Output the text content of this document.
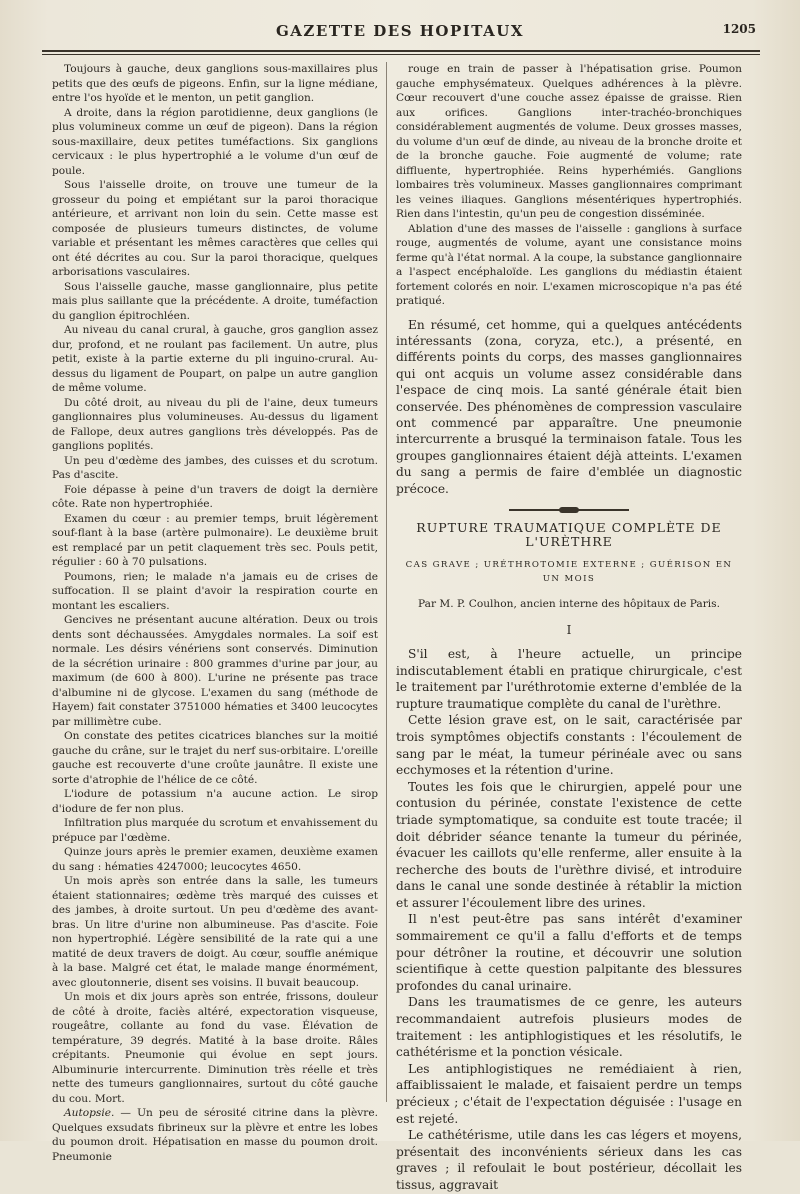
GAZETTE DES HOPITAUX	1205

Toujours à gauche, deux ganglions sous-maxillaires plus petits que des œufs de pigeons. Enfin, sur la ligne médiane, entre l'os hyoïde et le menton, un petit ganglion.

A droite, dans la région parotidienne, deux ganglions (le plus volumineux comme un œuf de pigeon). Dans la région sous-maxillaire, deux petites tuméfactions. Six ganglions cervicaux : le plus hypertrophié a le volume d'un œuf de poule.

Sous l'aisselle droite, on trouve une tumeur de la grosseur du poing et empiétant sur la paroi thoracique antérieure, et arrivant non loin du sein. Cette masse est composée de plusieurs tumeurs distinctes, de volume variable et présentant les mêmes caractères que celles qui ont été décrites au cou. Sur la paroi thoracique, quelques arborisations vasculaires.

Sous l'aisselle gauche, masse ganglionnaire, plus petite mais plus saillante que la précédente. A droite, tuméfaction du ganglion épitrochléen.

Au niveau du canal crural, à gauche, gros ganglion assez dur, profond, et ne roulant pas facilement. Un autre, plus petit, existe à la partie externe du pli inguino-crural. Au-dessus du ligament de Poupart, on palpe un autre ganglion de même volume.

Du côté droit, au niveau du pli de l'aine, deux tumeurs ganglionnaires plus volumineuses. Au-dessus du ligament de Fallope, deux autres ganglions très développés. Pas de ganglions poplités.

Un peu d'œdème des jambes, des cuisses et du scrotum. Pas d'ascite.

Foie dépasse à peine d'un travers de doigt la dernière côte. Rate non hypertrophiée.

Examen du cœur : au premier temps, bruit légèrement souf-flant à la base (artère pulmonaire). Le deuxième bruit est remplacé par un petit claquement très sec. Pouls petit, régulier : 60 à 70 pulsations.

Poumons, rien; le malade n'a jamais eu de crises de suffocation. Il se plaint d'avoir la respiration courte en montant les escaliers.

Gencives ne présentant aucune altération. Deux ou trois dents sont déchaussées. Amygdales normales. La soif est normale. Les désirs vénériens sont conservés. Diminution de la sécrétion urinaire : 800 grammes d'urine par jour, au maximum (de 600 à 800). L'urine ne présente pas trace d'albumine ni de glycose. L'examen du sang (méthode de Hayem) fait constater 3751000 hématies et 3400 leucocytes par millimètre cube.

On constate des petites cicatrices blanches sur la moitié gauche du crâne, sur le trajet du nerf sus-orbitaire. L'oreille gauche est recouverte d'une croûte jaunâtre. Il existe une sorte d'atrophie de l'hélice de ce côté.

L'iodure de potassium n'a aucune action. Le sirop d'iodure de fer non plus.

Infiltration plus marquée du scrotum et envahissement du prépuce par l'œdème.

Quinze jours après le premier examen, deuxième examen du sang : hématies 4247000; leucocytes 4650.

Un mois après son entrée dans la salle, les tumeurs étaient stationnaires; œdème très marqué des cuisses et des jambes, à droite surtout. Un peu d'œdème des avant-bras. Un litre d'urine non albumineuse. Pas d'ascite. Foie non hypertrophié. Légère sensibilité de la rate qui a une matité de deux travers de doigt. Au cœur, souffle anémique à la base. Malgré cet état, le malade mange énormément, avec gloutonnerie, disent ses voisins. Il buvait beaucoup.

Un mois et dix jours après son entrée, frissons, douleur de côté à droite, faciès altéré, expectoration visqueuse, rougeâtre, collante au fond du vase. Élévation de température, 39 degrés. Matité à la base droite. Râles crépitants. Pneumonie qui évolue en sept jours. Albuminurie intercurrente. Diminution très réelle et très nette des tumeurs ganglionnaires, surtout du côté gauche du cou. Mort.

Autopsie. — Un peu de sérosité citrine dans la plèvre. Quelques exsudats fibrineux sur la plèvre et entre les lobes du poumon droit. Hépatisation en masse du poumon droit. Pneumonie

rouge en train de passer à l'hépatisation grise. Poumon gauche emphysémateux. Quelques adhérences à la plèvre. Cœur recouvert d'une couche assez épaisse de graisse. Rien aux orifices. Ganglions inter-trachéo-bronchiques considérablement augmentés de volume. Deux grosses masses, du volume d'un œuf de dinde, au niveau de la bronche droite et de la bronche gauche. Foie augmenté de volume; rate diffluente, hypertrophiée. Reins hyperhémiés. Ganglions lombaires très volumineux. Masses ganglionnaires comprimant les veines iliaques. Ganglions mésentériques hypertrophiés. Rien dans l'intestin, qu'un peu de congestion disséminée.

Ablation d'une des masses de l'aisselle : ganglions à surface rouge, augmentés de volume, ayant une consistance moins ferme qu'à l'état normal. A la coupe, la substance ganglionnaire a l'aspect encéphaloïde. Les ganglions du médiastin étaient fortement colorés en noir. L'examen microscopique n'a pas été pratiqué.

En résumé, cet homme, qui a quelques antécédents intéressants (zona, coryza, etc.), a présenté, en différents points du corps, des masses ganglionnaires qui ont acquis un volume assez considérable dans l'espace de cinq mois. La santé générale était bien conservée. Des phénomènes de compression vasculaire ont commencé par apparaître. Une pneumonie intercurrente a brusqué la terminaison fatale. Tous les groupes ganglionnaires étaient déjà atteints. L'examen du sang a permis de faire d'emblée un diagnostic précoce.

RUPTURE TRAUMATIQUE COMPLÈTE DE L'URÈTHRE
CAS GRAVE ; URÉTHROTOMIE EXTERNE ; GUÉRISON EN UN MOIS
Par M. P. Coulhon, ancien interne des hôpitaux de Paris.
I

S'il est, à l'heure actuelle, un principe indiscutablement établi en pratique chirurgicale, c'est le traitement par l'uréthrotomie externe d'emblée de la rupture traumatique complète du canal de l'urèthre.

Cette lésion grave est, on le sait, caractérisée par trois symptômes objectifs constants : l'écoulement de sang par le méat, la tumeur périnéale avec ou sans ecchymoses et la rétention d'urine.

Toutes les fois que le chirurgien, appelé pour une contusion du périnée, constate l'existence de cette triade symptomatique, sa conduite est toute tracée; il doit débrider séance tenante la tumeur du périnée, évacuer les caillots qu'elle renferme, aller ensuite à la recherche des bouts de l'urèthre divisé, et introduire dans le canal une sonde destinée à rétablir la miction et assurer l'écoulement libre des urines.

Il n'est peut-être pas sans intérêt d'examiner sommairement ce qu'il a fallu d'efforts et de temps pour détrôner la routine, et découvrir une solution scientifique à cette question palpitante des blessures profondes du canal urinaire.

Dans les traumatismes de ce genre, les auteurs recommandaient autrefois plusieurs modes de traitement : les antiphlogistiques et les résolutifs, le cathétérisme et la ponction vésicale.

Les antiphlogistiques ne remédiaient à rien, affaiblissaient le malade, et faisaient perdre un temps précieux ; c'était de l'expectation déguisée : l'usage en est rejeté.

Le cathétérisme, utile dans les cas légers et moyens, présentait des inconvénients sérieux dans les cas graves ; il refoulait le bout postérieur, décollait les tissus, aggravait
